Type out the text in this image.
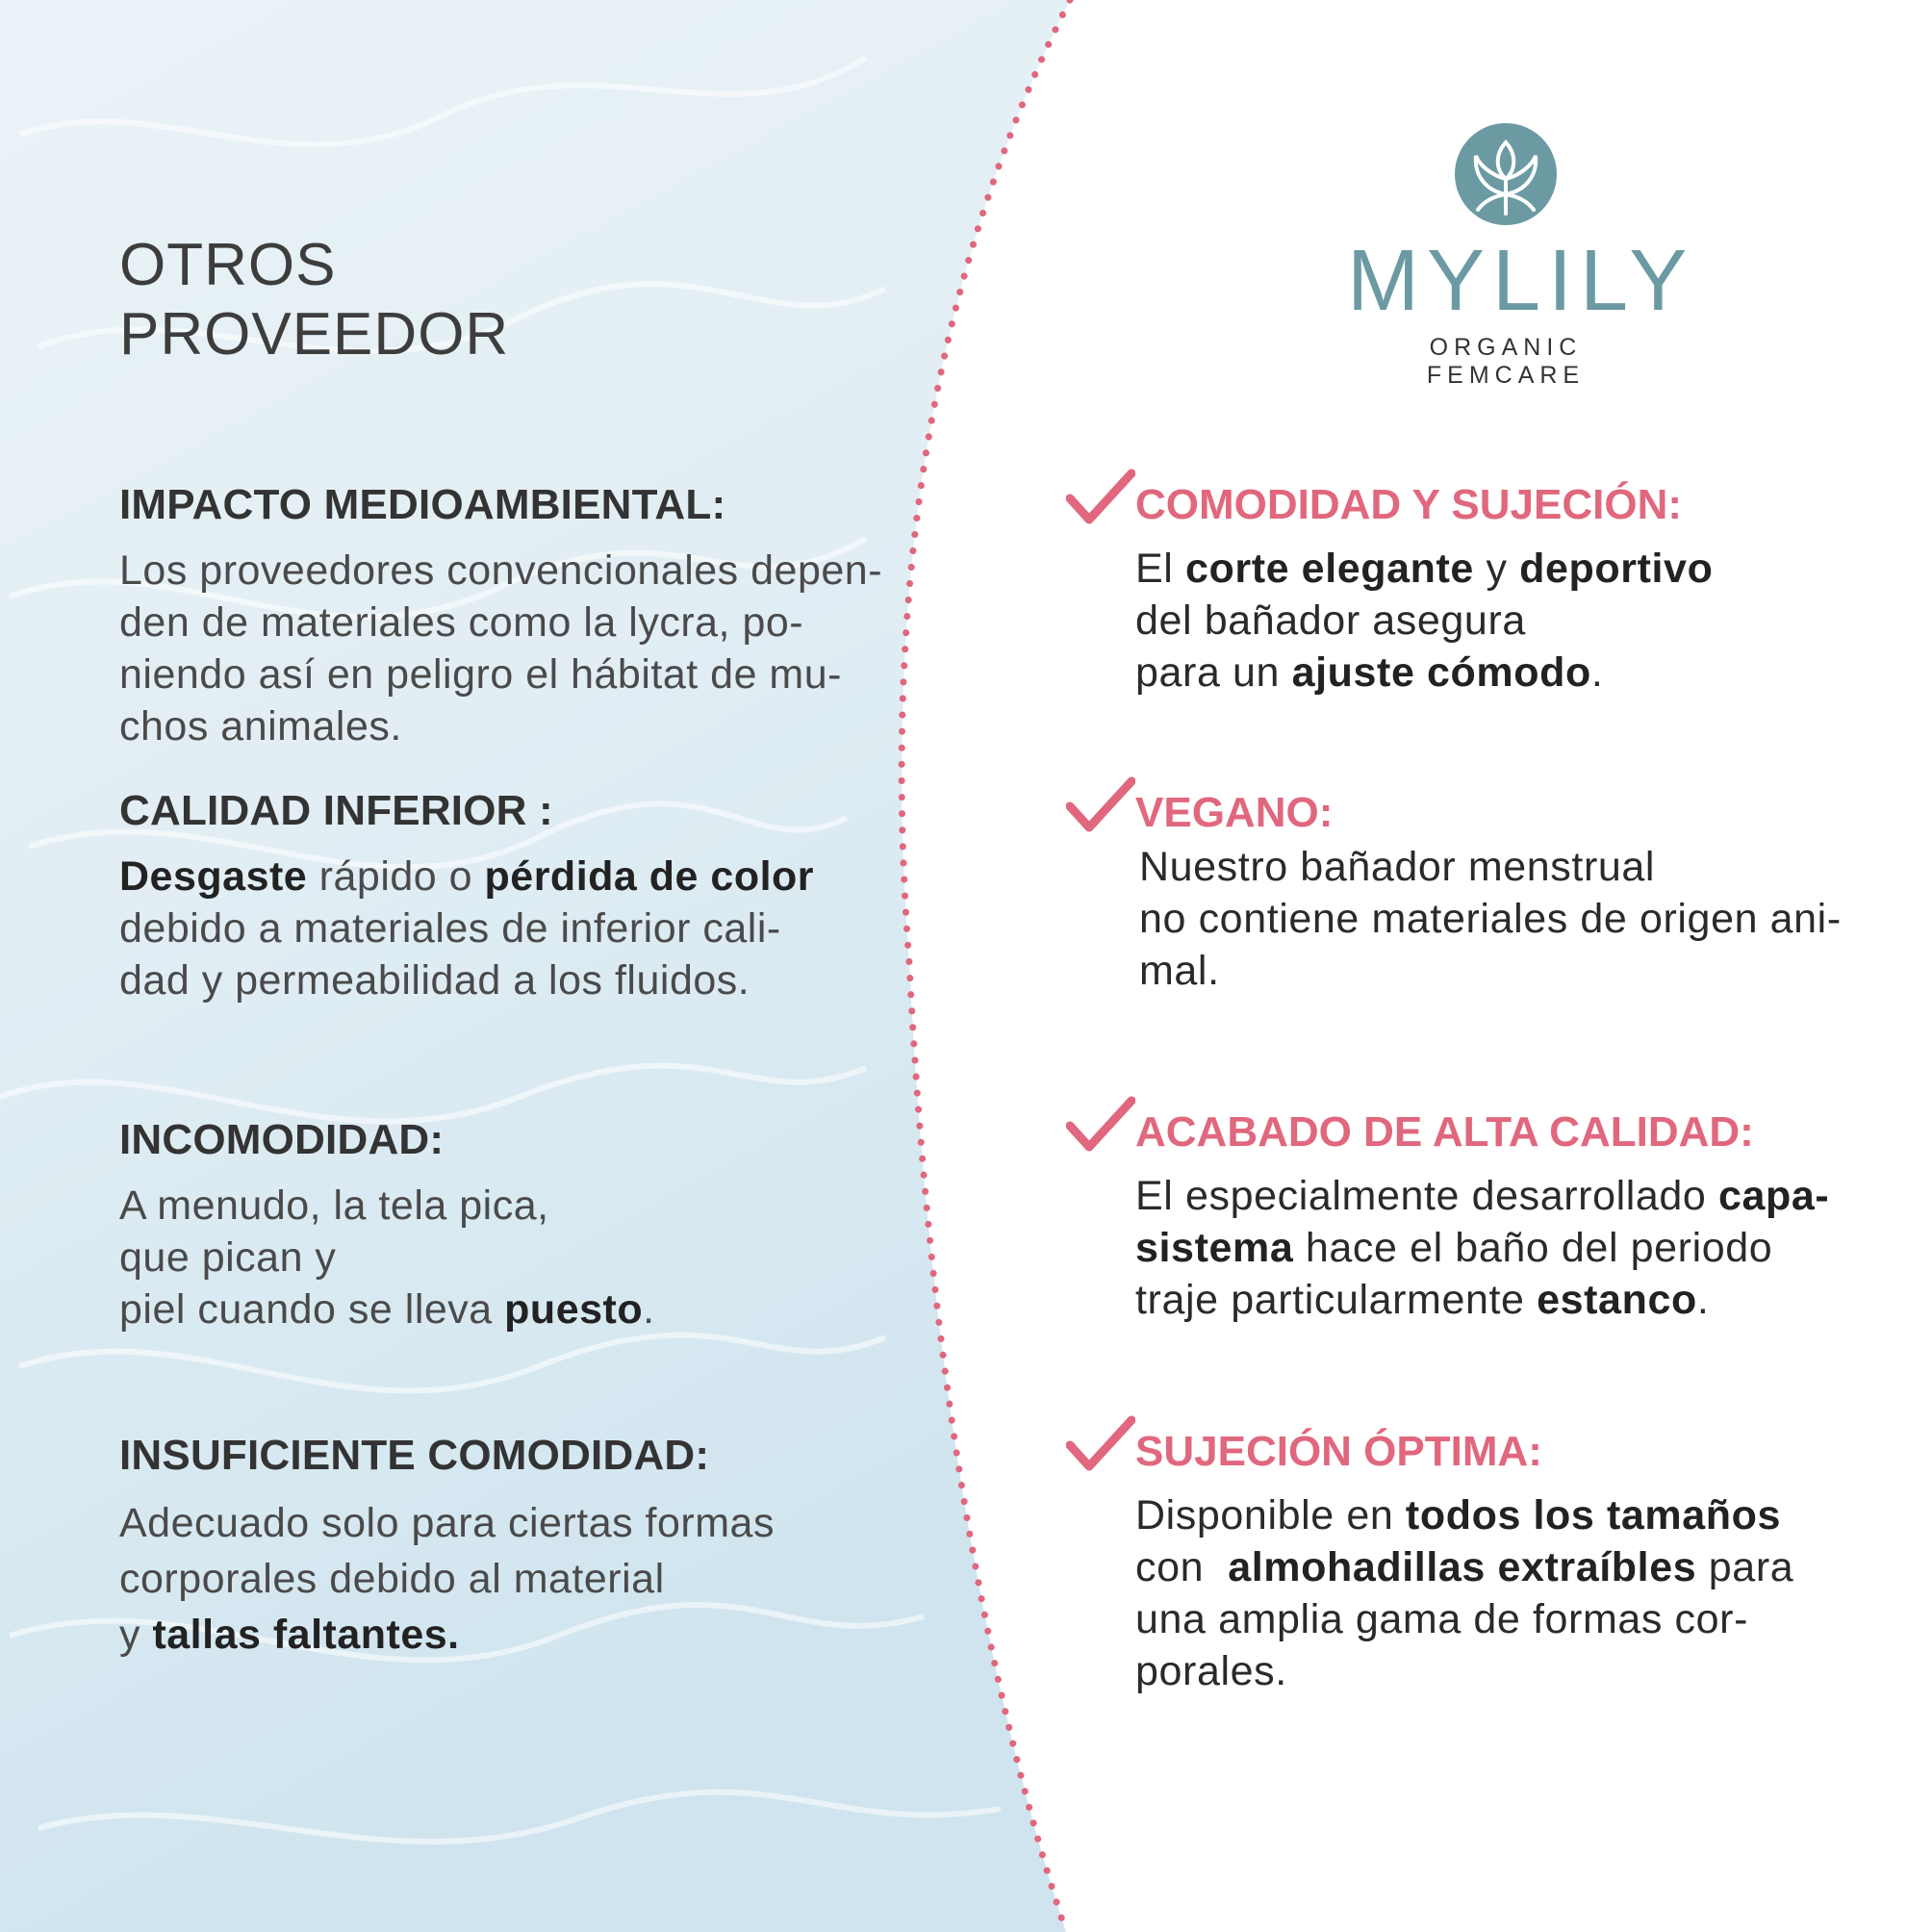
OTROS
PROVEEDOR
IMPACTO MEDIOAMBIENTAL:
Los proveedores convencionales depen-
den de materiales como la lycra, po-
niendo así en peligro el hábitat de mu-
chos animales.
CALIDAD INFERIOR :
Desgaste rápido o pérdida de color
debido a materiales de inferior cali-
dad y permeabilidad a los fluidos.
INCOMODIDAD:
A menudo, la tela pica,
que pican y
piel cuando se lleva puesto.
INSUFICIENTE COMODIDAD:
Adecuado solo para ciertas formas
corporales debido al material
y tallas faltantes.
MYLILY
ORGANIC FEMCARE
COMODIDAD Y SUJECIÓN:
El corte elegante y deportivo
del bañador asegura
para un ajuste cómodo.
VEGANO:
Nuestro bañador menstrual
no contiene materiales de origen ani-
mal.
ACABADO DE ALTA CALIDAD:
El especialmente desarrollado capa-
sistema hace el baño del periodo
traje particularmente estanco.
SUJECIÓN ÓPTIMA:
Disponible en todos los tamaños
con  almohadillas extraíbles para
una amplia gama de formas cor-
porales.
